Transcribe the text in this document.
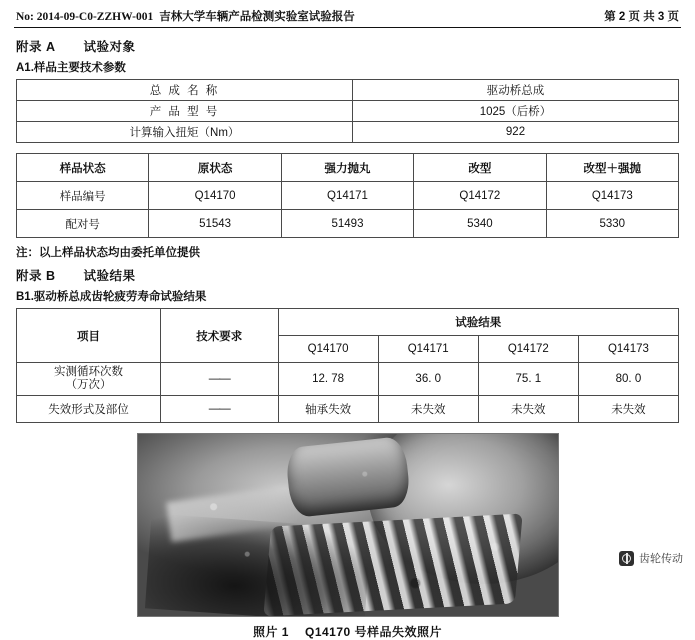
No: 2014-09-C0-ZZHW-001 吉林大学车辆产品检测实验室试验报告	第 2 页 共 3 页
附录 A 试验对象
A1.样品主要技术参数
总 成 名 称	驱动桥总成
产 品 型 号	1025（后桥）
计算输入扭矩（Nm）	922
样品状态	原状态	强力抛丸	改型	改型＋强抛
样品编号	Q14170	Q14171	Q14172	Q14173
配对号	51543	51493	5340	5330
注：以上样品状态均由委托单位提供
附录 B 试验结果
B1.驱动桥总成齿轮疲劳寿命试验结果
项目	技术要求	试验结果			
		Q14170	Q14171	Q14172	Q14173
实测循环次数
（万次）	——	12. 78	36. 0	75. 1	80. 0
失效形式及部位	——	轴承失效	未失效	未失效	未失效
照片 1 Q14170 号样品失效照片
齿轮传动
